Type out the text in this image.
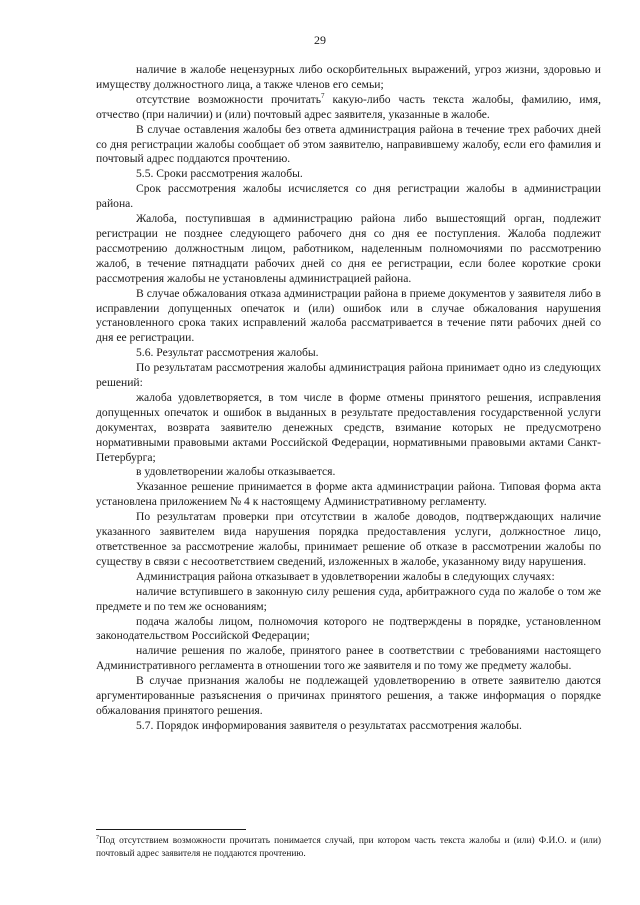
29

наличие в жалобе нецензурных либо оскорбительных выражений, угроз жизни, здоровью и имуществу должностного лица, а также членов его семьи;

отсутствие возможности прочитать$^7$ какую-либо часть текста жалобы, фамилию, имя, отчество (при наличии) и (или) почтовый адрес заявителя, указанные в жалобе.

В случае оставления жалобы без ответа администрация района в течение трех рабочих дней со дня регистрации жалобы сообщает об этом заявителю, направившему жалобу, если его фамилия и почтовый адрес поддаются прочтению.

5.5. Сроки рассмотрения жалобы.

Срок рассмотрения жалобы исчисляется со дня регистрации жалобы в администрации района.

Жалоба, поступившая в администрацию района либо вышестоящий орган, подлежит регистрации не позднее следующего рабочего дня со дня ее поступления. Жалоба подлежит рассмотрению должностным лицом, работником, наделенным полномочиями по рассмотрению жалоб, в течение пятнадцати рабочих дней со дня ее регистрации, если более короткие сроки рассмотрения жалобы не установлены администрацией района.

В случае обжалования отказа администрации района в приеме документов у заявителя либо в исправлении допущенных опечаток и (или) ошибок или в случае обжалования нарушения установленного срока таких исправлений жалоба рассматривается в течение пяти рабочих дней со дня ее регистрации.

5.6. Результат рассмотрения жалобы.

По результатам рассмотрения жалобы администрация района принимает одно из следующих решений:

жалоба удовлетворяется, в том числе в форме отмены принятого решения, исправления допущенных опечаток и ошибок в выданных в результате предоставления государственной услуги документах, возврата заявителю денежных средств, взимание которых не предусмотрено нормативными правовыми актами Российской Федерации, нормативными правовыми актами Санкт-Петербурга;

в удовлетворении жалобы отказывается.

Указанное решение принимается в форме акта администрации района. Типовая форма акта установлена приложением № 4 к настоящему Административному регламенту.

По результатам проверки при отсутствии в жалобе доводов, подтверждающих наличие указанного заявителем вида нарушения порядка предоставления услуги, должностное лицо, ответственное за рассмотрение жалобы, принимает решение об отказе в рассмотрении жалобы по существу в связи с несоответствием сведений, изложенных в жалобе, указанному виду нарушения.

Администрация района отказывает в удовлетворении жалобы в следующих случаях:

наличие вступившего в законную силу решения суда, арбитражного суда по жалобе о том же предмете и по тем же основаниям;

подача жалобы лицом, полномочия которого не подтверждены в порядке, установленном законодательством Российской Федерации;

наличие решения по жалобе, принятого ранее в соответствии с требованиями настоящего Административного регламента в отношении того же заявителя и по тому же предмету жалобы.

В случае признания жалобы не подлежащей удовлетворению в ответе заявителю даются аргументированные разъяснения о причинах принятого решения, а также информация о порядке обжалования принятого решения.

5.7. Порядок информирования заявителя о результатах рассмотрения жалобы.

$^7$Под отсутствием возможности прочитать понимается случай, при котором часть текста жалобы и (или) Ф.И.О. и (или) почтовый адрес заявителя не поддаются прочтению.
